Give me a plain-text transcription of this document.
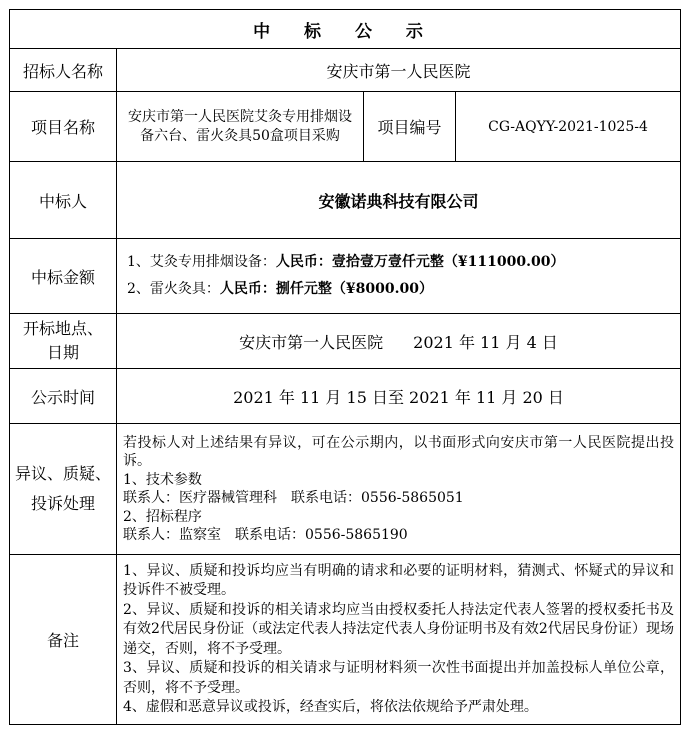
中 标 公 示			
招标人名称	安庆市第一人民医院		
项目名称	安庆市第一人民医院艾灸专用排烟设备六台、雷火灸具50盒项目采购	项目编号	CG-AQYY-2021-1025-4
中标人	安徽诺典科技有限公司		
中标金额	1、艾灸专用排烟设备：人民币：壹拾壹万壹仟元整（¥111000.00）
2、雷火灸具：人民币：捌仟元整（¥8000.00）		

开标地点、
日期	安庆市第一人民医院 2021 年 11 月 4 日		
公示时间	2021 年 11 月 15 日至 2021 年 11 月 20 日		

异议、质疑、
投诉处理	若投标人对上述结果有异议，可在公示期内，以书面形式向安庆市第一人民医院提出投诉。
1、技术参数
联系人：医疗器械管理科　联系电话：0556-5865051
2、招标程序
联系人：监察室　联系电话：0556-5865190		

备注	1、异议、质疑和投诉均应当有明确的请求和必要的证明材料，猜测式、怀疑式的异议和投诉件不被受理。
2、异议、质疑和投诉的相关请求均应当由授权委托人持法定代表人签署的授权委托书及有效2代居民身份证（或法定代表人持法定代表人身份证明书及有效2代居民身份证）现场递交，否则，将不予受理。
3、异议、质疑和投诉的相关请求与证明材料须一次性书面提出并加盖投标人单位公章，否则，将不予受理。
4、虚假和恶意异议或投诉，经查实后，将依法依规给予严肃处理。		
